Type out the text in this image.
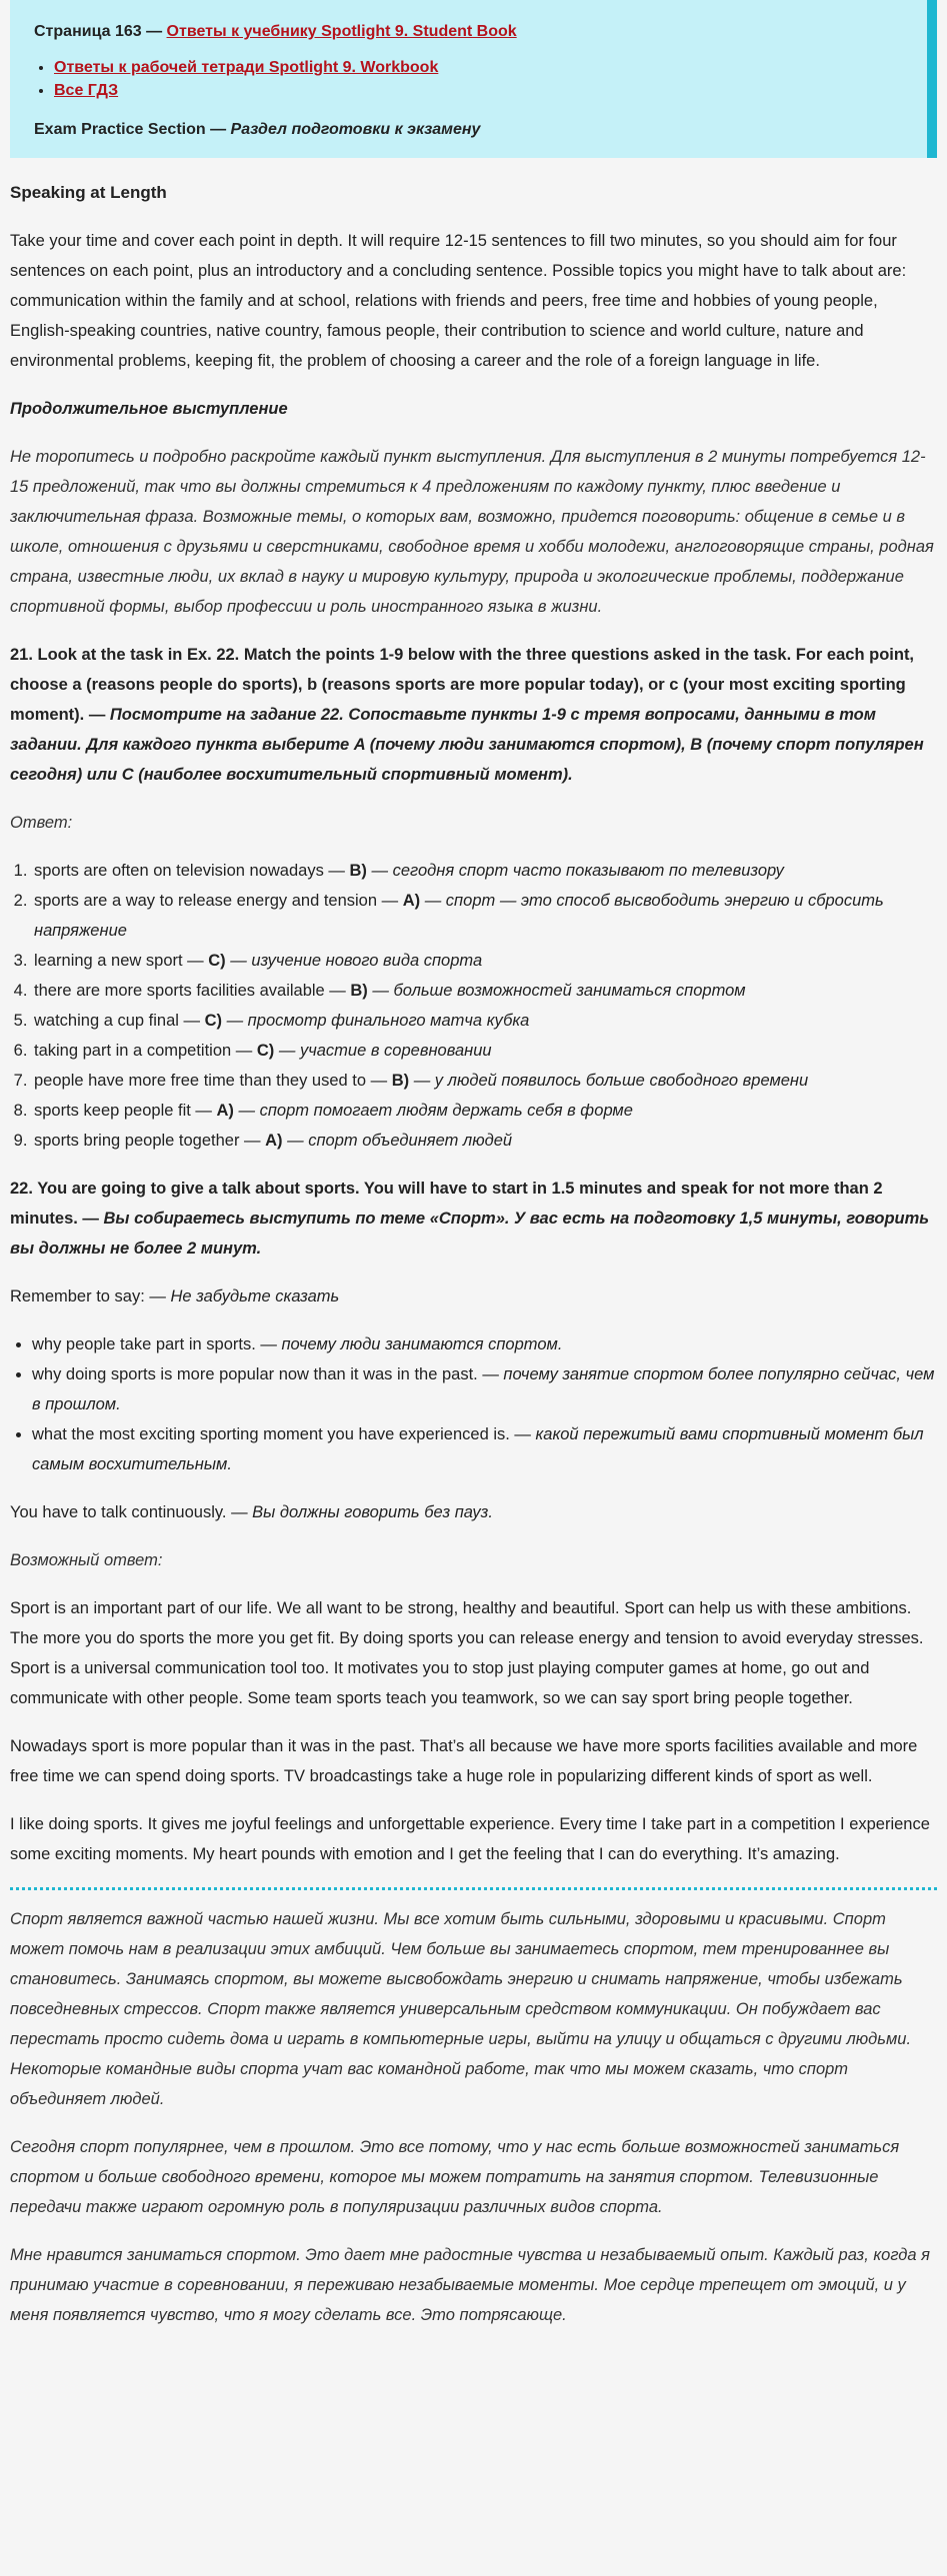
Страница 163 — Ответы к учебнику Spotlight 9. Student Book
• Ответы к рабочей тетради Spotlight 9. Workbook
• Все ГДЗ
Exam Practice Section — Раздел подготовки к экзамену
Speaking at Length

Take your time and cover each point in depth. It will require 12-15 sentences to fill two minutes, so you should aim for four sentences on each point, plus an introductory and a concluding sentence. Possible topics you might have to talk about are: communication within the family and at school, relations with friends and peers, free time and hobbies of young people, English-speaking countries, native country, famous people, their contribution to science and world culture, nature and environmental problems, keeping fit, the problem of choosing a career and the role of a foreign language in life.

Продолжительное выступление

Не торопитесь и подробно раскройте каждый пункт выступления. Для выступления в 2 минуты потребуется 12-15 предложений, так что вы должны стремиться к 4 предложениям по каждому пункту, плюс введение и заключительная фраза. Возможные темы, о которых вам, возможно, придется поговорить: общение в семье и в школе, отношения с друзьями и сверстниками, свободное время и хобби молодежи, англоговорящие страны, родная страна, известные люди, их вклад в науку и мировую культуру, природа и экологические проблемы, поддержание спортивной формы, выбор профессии и роль иностранного языка в жизни.

21. Look at the task in Ex. 22. Match the points 1-9 below with the three questions asked in the task. For each point, choose a (reasons people do sports), b (reasons sports are more popular today), or c (your most exciting sporting moment). — Посмотрите на задание 22. Сопоставьте пункты 1-9 с тремя вопросами, данными в том задании. Для каждого пункта выберите A (почему люди занимаются спортом), B (почему спорт популярен сегодня) или C (наиболее восхитительный спортивный момент).

Ответ:

1. sports are often on television nowadays — B) — сегодня спорт часто показывают по телевизору
2. sports are a way to release energy and tension — A) — спорт — это способ высвободить энергию и сбросить напряжение
3. learning a new sport — C) — изучение нового вида спорта
4. there are more sports facilities available — B) — больше возможностей заниматься спортом
5. watching a cup final — C) — просмотр финального матча кубка
6. taking part in a competition — C) — участие в соревновании
7. people have more free time than they used to — B) — у людей появилось больше свободного времени
8. sports keep people fit — A) — спорт помогает людям держать себя в форме
9. sports bring people together — A) — спорт объединяет людей

22. You are going to give a talk about sports. You will have to start in 1.5 minutes and speak for not more than 2 minutes. — Вы собираетесь выступить по теме «Спорт». У вас есть на подготовку 1,5 минуты, говорить вы должны не более 2 минут.

Remember to say: — Не забудьте сказать

• why people take part in sports. — почему люди занимаются спортом.
• why doing sports is more popular now than it was in the past. — почему занятие спортом более популярно сейчас, чем в прошлом.
• what the most exciting sporting moment you have experienced is. — какой пережитый вами спортивный момент был самым восхитительным.

You have to talk continuously. — Вы должны говорить без пауз.

Возможный ответ:

Sport is an important part of our life. We all want to be strong, healthy and beautiful. Sport can help us with these ambitions. The more you do sports the more you get fit. By doing sports you can release energy and tension to avoid everyday stresses. Sport is a universal communication tool too. It motivates you to stop just playing computer games at home, go out and communicate with other people. Some team sports teach you teamwork, so we can say sport bring people together.

Nowadays sport is more popular than it was in the past. That’s all because we have more sports facilities available and more free time we can spend doing sports. TV broadcastings take a huge role in popularizing different kinds of sport as well.

I like doing sports. It gives me joyful feelings and unforgettable experience. Every time I take part in a competition I experience some exciting moments. My heart pounds with emotion and I get the feeling that I can do everything. It’s amazing.

Спорт является важной частью нашей жизни. Мы все хотим быть сильными, здоровыми и красивыми. Спорт может помочь нам в реализации этих амбиций. Чем больше вы занимаетесь спортом, тем тренированнее вы становитесь. Занимаясь спортом, вы можете высвобождать энергию и снимать напряжение, чтобы избежать повседневных стрессов. Спорт также является универсальным средством коммуникации. Он побуждает вас перестать просто сидеть дома и играть в компьютерные игры, выйти на улицу и общаться с другими людьми. Некоторые командные виды спорта учат вас командной работе, так что мы можем сказать, что спорт объединяет людей.

Сегодня спорт популярнее, чем в прошлом. Это все потому, что у нас есть больше возможностей заниматься спортом и больше свободного времени, которое мы можем потратить на занятия спортом. Телевизионные передачи также играют огромную роль в популяризации различных видов спорта.

Мне нравится заниматься спортом. Это дает мне радостные чувства и незабываемый опыт. Каждый раз, когда я принимаю участие в соревновании, я переживаю незабываемые моменты. Мое сердце трепещет от эмоций, и у меня появляется чувство, что я могу сделать все. Это потрясающе.
